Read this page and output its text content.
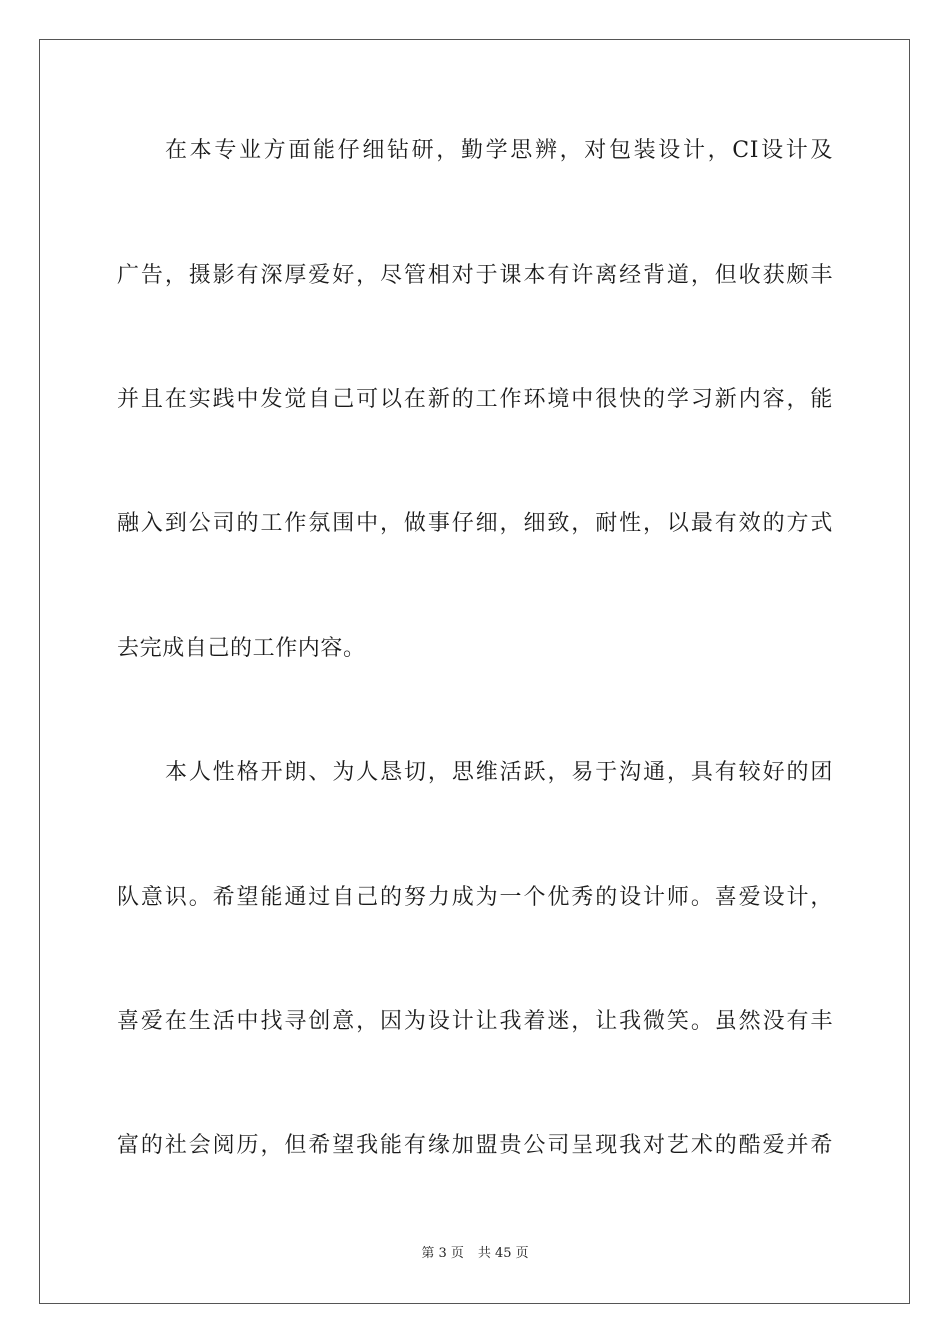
在本专业方面能仔细钻研，勤学思辨，对包装设计，CI设计及
广告，摄影有深厚爱好，尽管相对于课本有许离经背道，但收获颇丰
并且在实践中发觉自己可以在新的工作环境中很快的学习新内容，能
融入到公司的工作氛围中，做事仔细，细致，耐性，以最有效的方式
去完成自己的工作内容。
本人性格开朗、为人恳切，思维活跃，易于沟通，具有较好的团
队意识。希望能通过自己的努力成为一个优秀的设计师。喜爱设计，
喜爱在生活中找寻创意，因为设计让我着迷，让我微笑。虽然没有丰
富的社会阅历，但希望我能有缘加盟贵公司呈现我对艺术的酷爱并希
第 3 页 共 45 页
